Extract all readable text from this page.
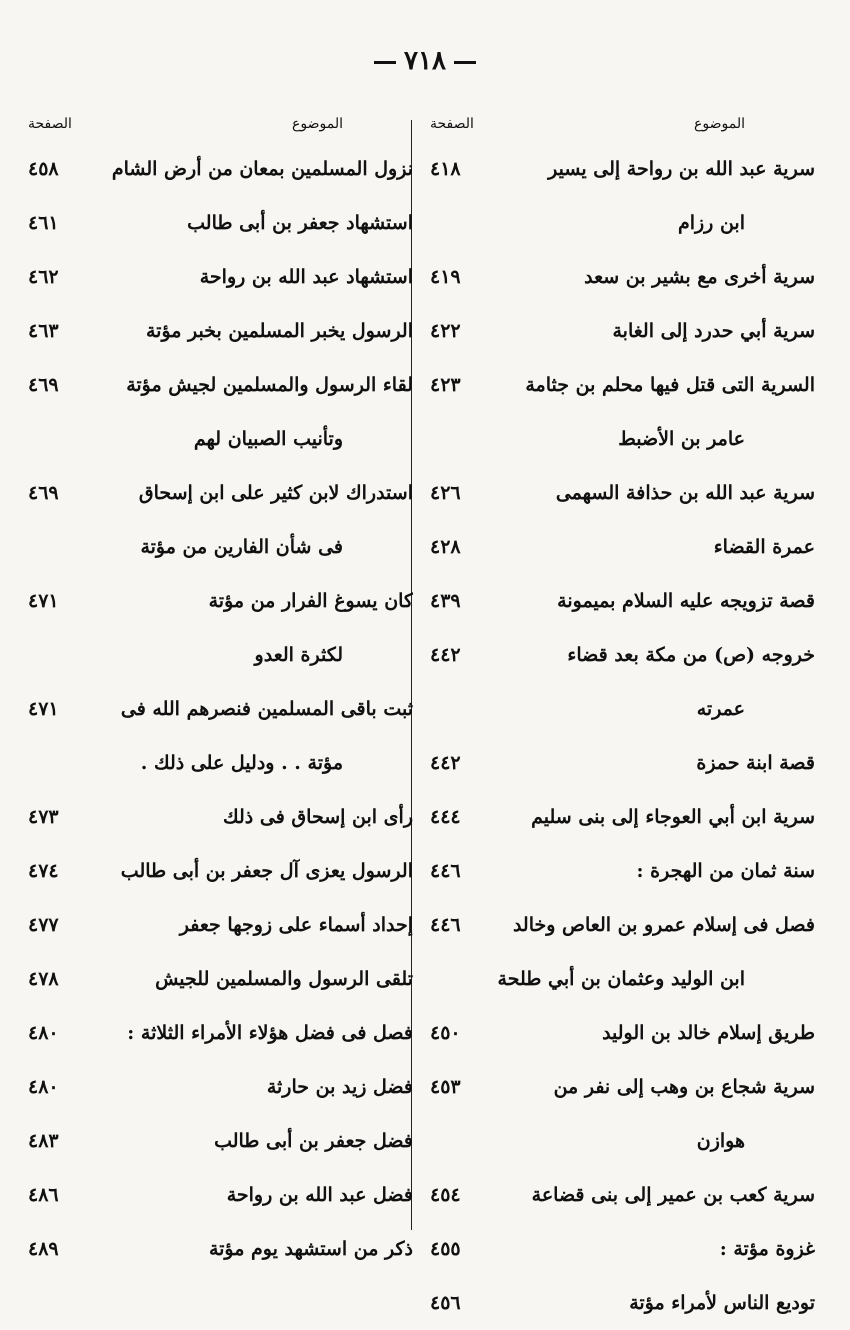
٧١٨
الموضوع
الصفحة
سرية عبد الله بن رواحة إلى يسير
ابن رزام
٤١٨
سرية أخرى مع بشير بن سعد
٤١٩
سرية أبي حدرد إلى الغابة
٤٢٢
السرية التى قتل فيها محلم بن جثامة
عامر بن الأضبط
٤٢٣
سرية عبد الله بن حذافة السهمى
٤٢٦
عمرة القضاء
٤٢٨
قصة تزويجه عليه السلام بميمونة
٤٣٩
خروجه (ص) من مكة بعد قضاء
عمرته
٤٤٢
قصة ابنة حمزة
٤٤٢
سرية ابن أبي العوجاء إلى بنى سليم
٤٤٤
سنة ثمان من الهجرة :
٤٤٦
فصل فى إسلام عمرو بن العاص وخالد
ابن الوليد وعثمان بن أبي طلحة
٤٤٦
طريق إسلام خالد بن الوليد
٤٥٠
سرية شجاع بن وهب إلى نفر من
هوازن
٤٥٣
سرية كعب بن عمير إلى بنى قضاعة
٤٥٤
غزوة مؤتة :
٤٥٥
توديع الناس لأمراء مؤتة
٤٥٦
الموضوع
الصفحة
نزول المسلمين بمعان من أرض الشام
٤٥٨
استشهاد جعفر بن أبى طالب
٤٦١
استشهاد عبد الله بن رواحة
٤٦٢
الرسول يخبر المسلمين بخبر مؤتة
٤٦٣
لقاء الرسول والمسلمين لجيش مؤتة
وتأنيب الصبيان لهم
٤٦٩
استدراك لابن كثير على ابن إسحاق
فى شأن الفارين من مؤتة
٤٦٩
كان يسوغ الفرار من مؤتة
لكثرة العدو
٤٧١
ثبت باقى المسلمين فنصرهم الله فى
مؤتة . . ودليل على ذلك .
٤٧١
رأى ابن إسحاق فى ذلك
٤٧٣
الرسول يعزى آل جعفر بن أبى طالب
٤٧٤
إحداد أسماء على زوجها جعفر
٤٧٧
تلقى الرسول والمسلمين للجيش
٤٧٨
فصل فى فضل هؤلاء الأمراء الثلاثة :
٤٨٠
فضل زيد بن حارثة
٤٨٠
فضل جعفر بن أبى طالب
٤٨٣
فضل عبد الله بن رواحة
٤٨٦
ذكر من استشهد يوم مؤتة
٤٨٩
